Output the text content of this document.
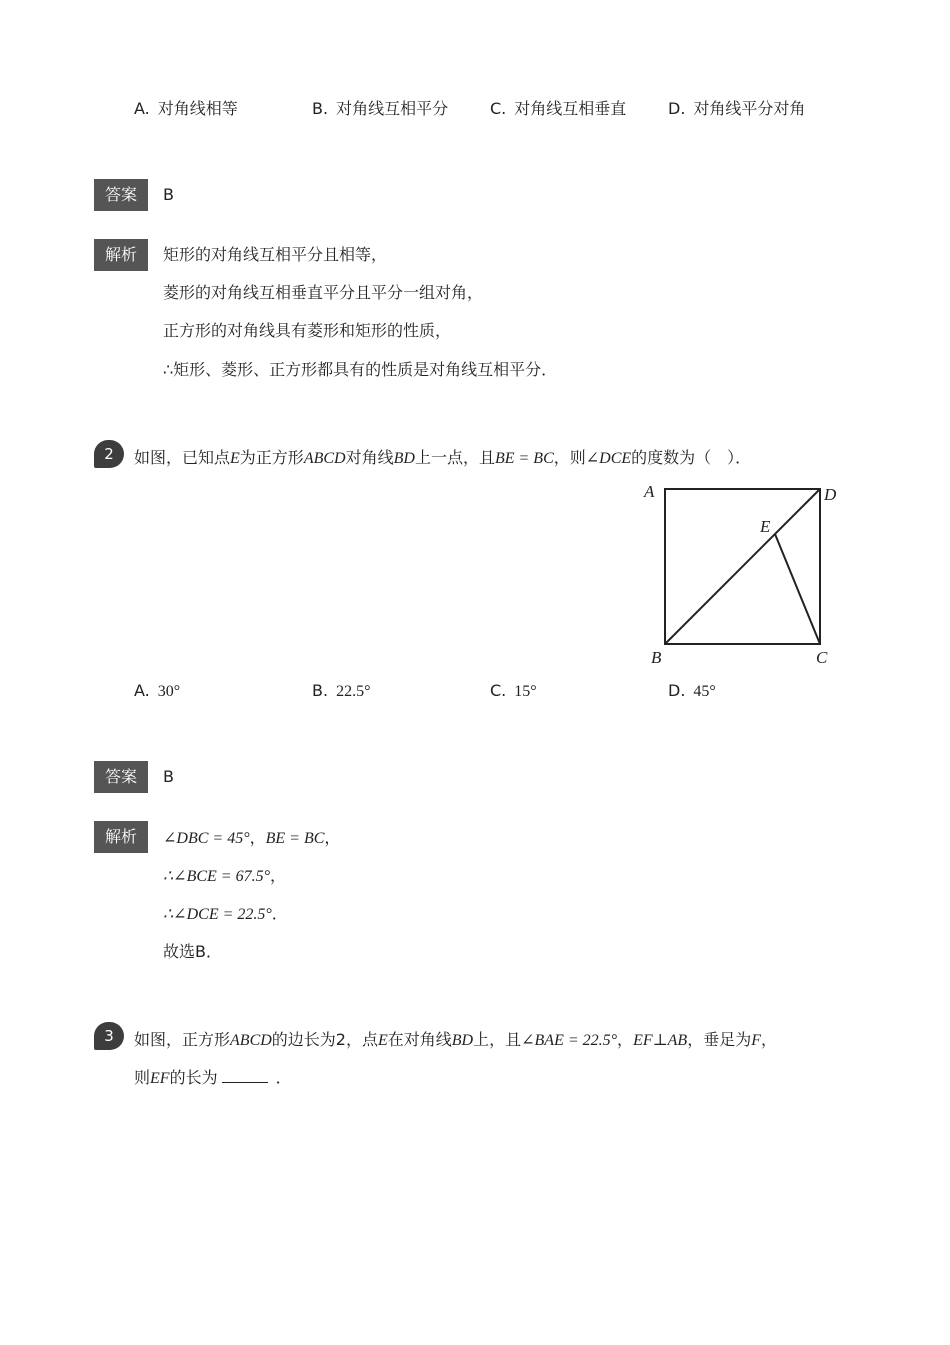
A. 对角线相等	B. 对角线互相平分	C. 对角线互相垂直	D. 对角线平分对角
答案	B
解析	矩形的对角线互相平分且相等，
菱形的对角线互相垂直平分且平分一组对角，
正方形的对角线具有菱形和矩形的性质，
∴矩形、菱形、正方形都具有的性质是对角线互相平分．
2	如图，已知点E为正方形ABCD对角线BD上一点，且BE = BC，则∠DCE的度数为（　）．
A	D
E
B	C
A. 30°	B. 22.5°	C. 15°	D. 45°
答案	B
解析	∠DBC = 45°，BE = BC，
∴∠BCE = 67.5°，
∴∠DCE = 22.5°．
故选B．
3	如图，正方形ABCD的边长为2，点E在对角线BD上，且∠BAE = 22.5°，EF⊥AB，垂足为F，
则EF的长为	．
